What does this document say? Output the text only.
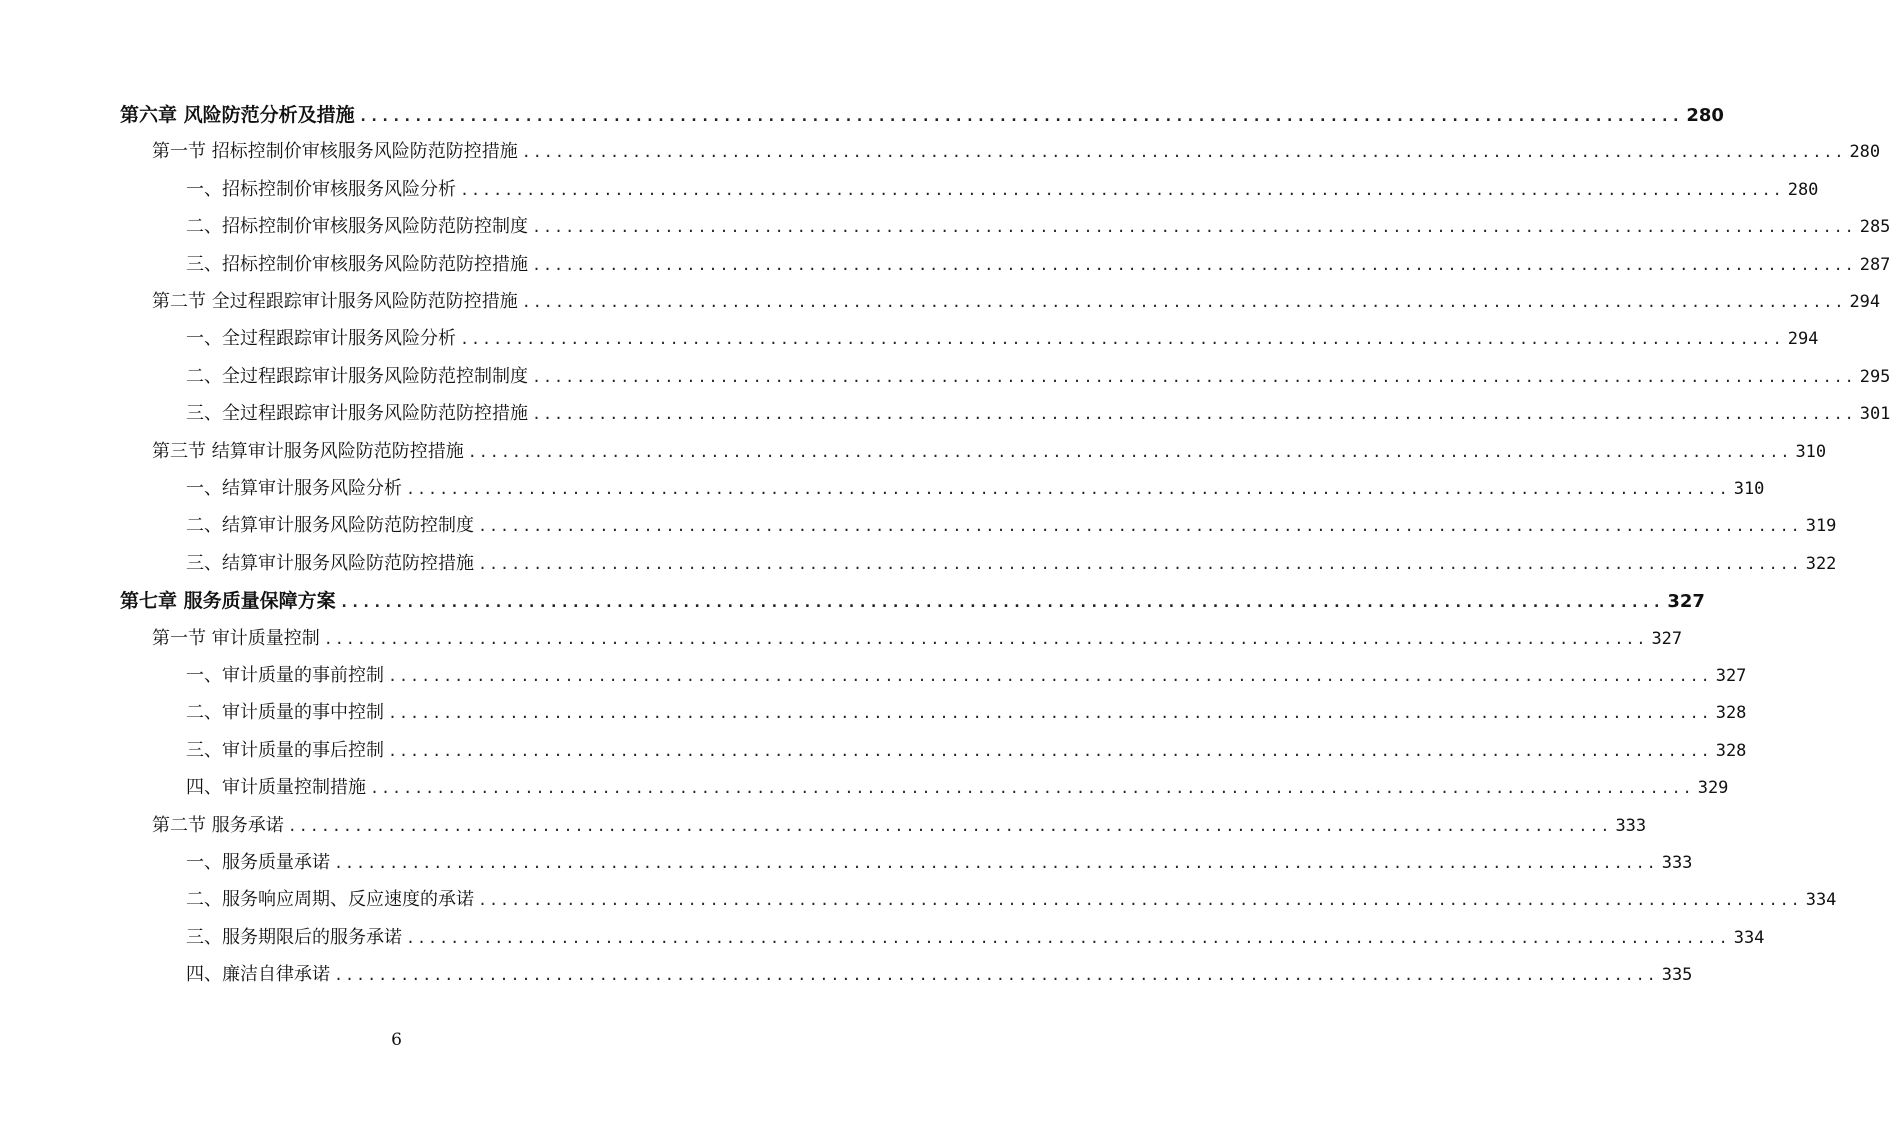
第六章 风险防范分析及措施 ........................................................................................................................ 280
第一节 招标控制价审核服务风险防范防控措施 ........................................................................................................................ 280
一、招标控制价审核服务风险分析 ........................................................................................................................ 280
二、招标控制价审核服务风险防范防控制度 ........................................................................................................................ 285
三、招标控制价审核服务风险防范防控措施 ........................................................................................................................ 287
第二节 全过程跟踪审计服务风险防范防控措施 ........................................................................................................................ 294
一、全过程跟踪审计服务风险分析 ........................................................................................................................ 294
二、全过程跟踪审计服务风险防范控制制度 ........................................................................................................................ 295
三、全过程跟踪审计服务风险防范防控措施 ........................................................................................................................ 301
第三节 结算审计服务风险防范防控措施 ........................................................................................................................ 310
一、结算审计服务风险分析 ........................................................................................................................ 310
二、结算审计服务风险防范防控制度 ........................................................................................................................ 319
三、结算审计服务风险防范防控措施 ........................................................................................................................ 322
第七章 服务质量保障方案 ........................................................................................................................ 327
第一节 审计质量控制 ........................................................................................................................ 327
一、审计质量的事前控制 ........................................................................................................................ 327
二、审计质量的事中控制 ........................................................................................................................ 328
三、审计质量的事后控制 ........................................................................................................................ 328
四、审计质量控制措施 ........................................................................................................................ 329
第二节 服务承诺 ........................................................................................................................ 333
一、服务质量承诺 ........................................................................................................................ 333
二、服务响应周期、反应速度的承诺 ........................................................................................................................ 334
三、服务期限后的服务承诺 ........................................................................................................................ 334
四、廉洁自律承诺 ........................................................................................................................ 335
6
